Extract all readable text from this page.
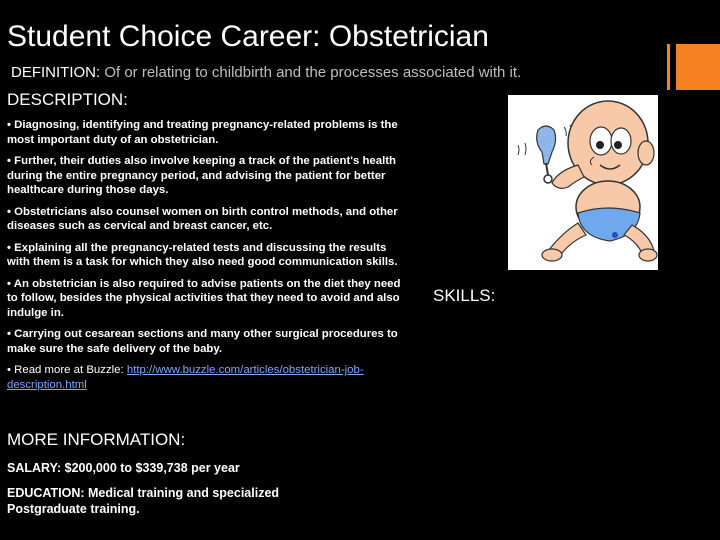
Student Choice Career: Obstetrician
DEFINITION: Of or relating to childbirth and the processes associated with it.
DESCRIPTION:
• Diagnosing, identifying and treating pregnancy-related problems is the most important duty of an obstetrician.
• Further, their duties also involve keeping a track of the patient's health during the entire pregnancy period, and advising the patient for better healthcare during those days.
• Obstetricians also counsel women on birth control methods, and other diseases such as cervical and breast cancer, etc.
• Explaining all the pregnancy-related tests and discussing the results with them is a task for which they also need good communication skills.
• An obstetrician is also required to advise patients on the diet they need to follow, besides the physical activities that they need to avoid and also indulge in.
• Carrying out cesarean sections and many other surgical procedures to make sure the safe delivery of the baby.
• Read more at Buzzle: http://www.buzzle.com/articles/obstetrician-job-description.html
MORE INFORMATION:
SALARY: $200,000 to $339,738 per year
EDUCATION: Medical training and specialized Postgraduate training.
SKILLS:
